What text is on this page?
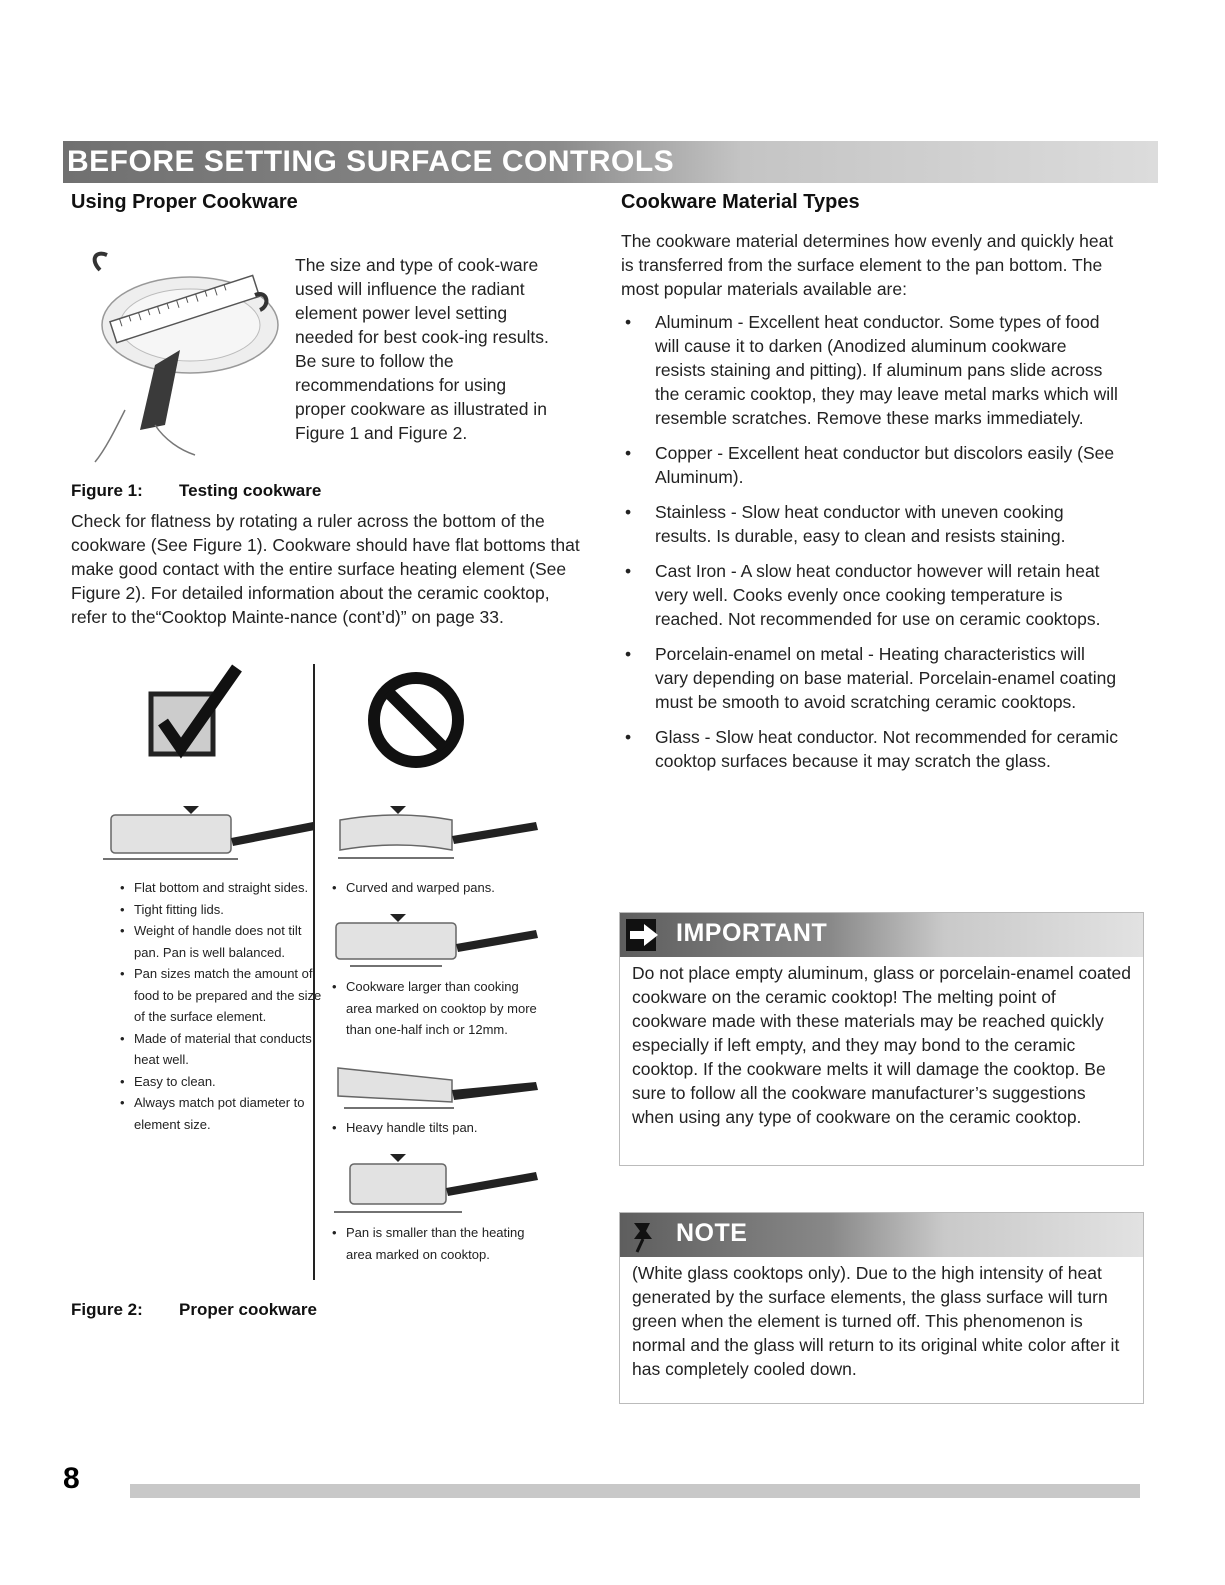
BEFORE SETTING SURFACE CONTROLS
Using Proper Cookware
The size and type of cook-ware used will influence the radiant element power level setting needed for best cook-ing results. Be sure to follow the recommendations for using proper cookware as illustrated in Figure 1 and Figure 2.
Figure 1: Testing cookware
Check for flatness by rotating a ruler across the bottom of the cookware (See Figure 1). Cookware should have flat bottoms that make good contact with the entire surface heating element (See Figure 2). For detailed information about the ceramic cooktop, refer to the“Cooktop Mainte-nance (cont’d)” on page 33.
• Flat bottom and straight sides.
• Tight fitting lids.
• Weight of handle does not tilt pan. Pan is well balanced.
• Pan sizes match the amount of food to be prepared and the size of the surface element.
• Made of material that conducts heat well.
• Easy to clean.
• Always match pot diameter to element size.
• Curved and warped pans.
• Cookware larger than cooking area marked on cooktop by more than one-half inch or 12mm.
• Heavy handle tilts pan.
• Pan is smaller than the heating area marked on cooktop.
Figure 2: Proper cookware
Cookware Material Types
The cookware material determines how evenly and quickly heat is transferred from the surface element to the pan bottom. The most popular materials available are:
• Aluminum - Excellent heat conductor. Some types of food will cause it to darken (Anodized aluminum cookware resists staining and pitting). If aluminum pans slide across the ceramic cooktop, they may leave metal marks which will resemble scratches. Remove these marks immediately.
• Copper - Excellent heat conductor but discolors easily (See Aluminum).
• Stainless - Slow heat conductor with uneven cooking results. Is durable, easy to clean and resists staining.
• Cast Iron - A slow heat conductor however will retain heat very well. Cooks evenly once cooking temperature is reached. Not recommended for use on ceramic cooktops.
• Porcelain-enamel on metal - Heating characteristics will vary depending on base material. Porcelain-enamel coating must be smooth to avoid scratching ceramic cooktops.
• Glass - Slow heat conductor. Not recommended for ceramic cooktop surfaces because it may scratch the glass.
IMPORTANT
Do not place empty aluminum, glass or porcelain-enamel coated cookware on the ceramic cooktop! The melting point of cookware made with these materials may be reached quickly especially if left empty, and they may bond to the ceramic cooktop. If the cookware melts it will damage the cooktop. Be sure to follow all the cookware manufacturer’s suggestions when using any type of cookware on the ceramic cooktop.
NOTE
(White glass cooktops only). Due to the high intensity of heat generated by the surface elements, the glass surface will turn green when the element is turned off. This phenomenon is normal and the glass will return to its original white color after it has completely cooled down.
8
